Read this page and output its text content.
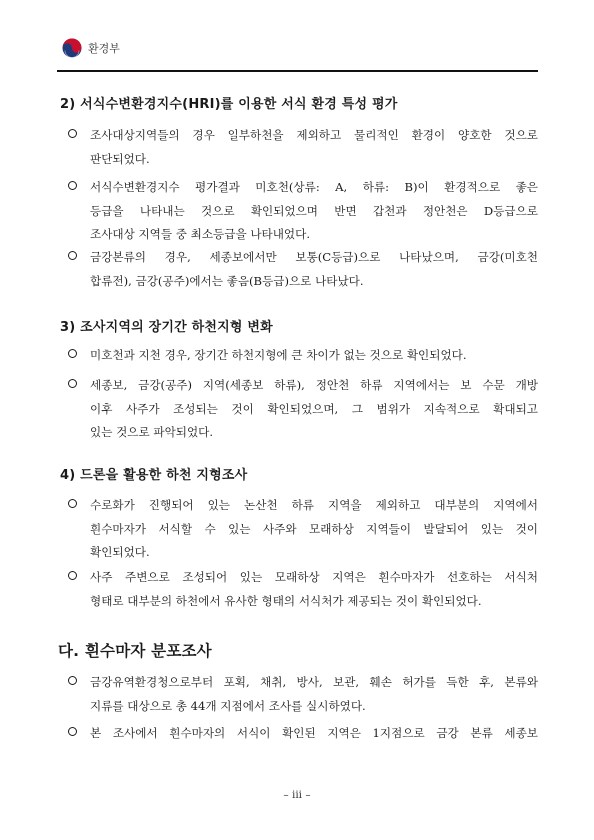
환경부
2) 서식수변환경지수(HRI)를 이용한 서식 환경 특성 평가
조사대상지역들의 경우 일부하천을 제외하고 물리적인 환경이 양호한 것으로
판단되었다.
서식수변환경지수 평가결과 미호천(상류: A, 하류: B)이 환경적으로 좋은
등급을 나타내는 것으로 확인되었으며 반면 갑천과 정안천은 D등급으로
조사대상 지역들 중 최소등급을 나타내었다.
금강본류의 경우, 세종보에서만 보통(C등급)으로 나타났으며, 금강(미호천
합류전), 금강(공주)에서는 좋음(B등급)으로 나타났다.
3) 조사지역의 장기간 하천지형 변화
미호천과 지천 경우, 장기간 하천지형에 큰 차이가 없는 것으로 확인되었다.
세종보, 금강(공주) 지역(세종보 하류), 정안천 하류 지역에서는 보 수문 개방
이후 사주가 조성되는 것이 확인되었으며, 그 범위가 지속적으로 확대되고
있는 것으로 파악되었다.
4) 드론을 활용한 하천 지형조사
수로화가 진행되어 있는 논산천 하류 지역을 제외하고 대부분의 지역에서
흰수마자가 서식할 수 있는 사주와 모래하상 지역들이 발달되어 있는 것이
확인되었다.
사주 주변으로 조성되어 있는 모래하상 지역은 흰수마자가 선호하는 서식처
형태로 대부분의 하천에서 유사한 형태의 서식처가 제공되는 것이 확인되었다.
다. 흰수마자 분포조사
금강유역환경청으로부터 포획, 채취, 방사, 보관, 훼손 허가를 득한 후, 본류와
지류를 대상으로 총 44개 지점에서 조사를 실시하였다.
본 조사에서 흰수마자의 서식이 확인된 지역은 1지점으로 금강 본류 세종보
– iii –
